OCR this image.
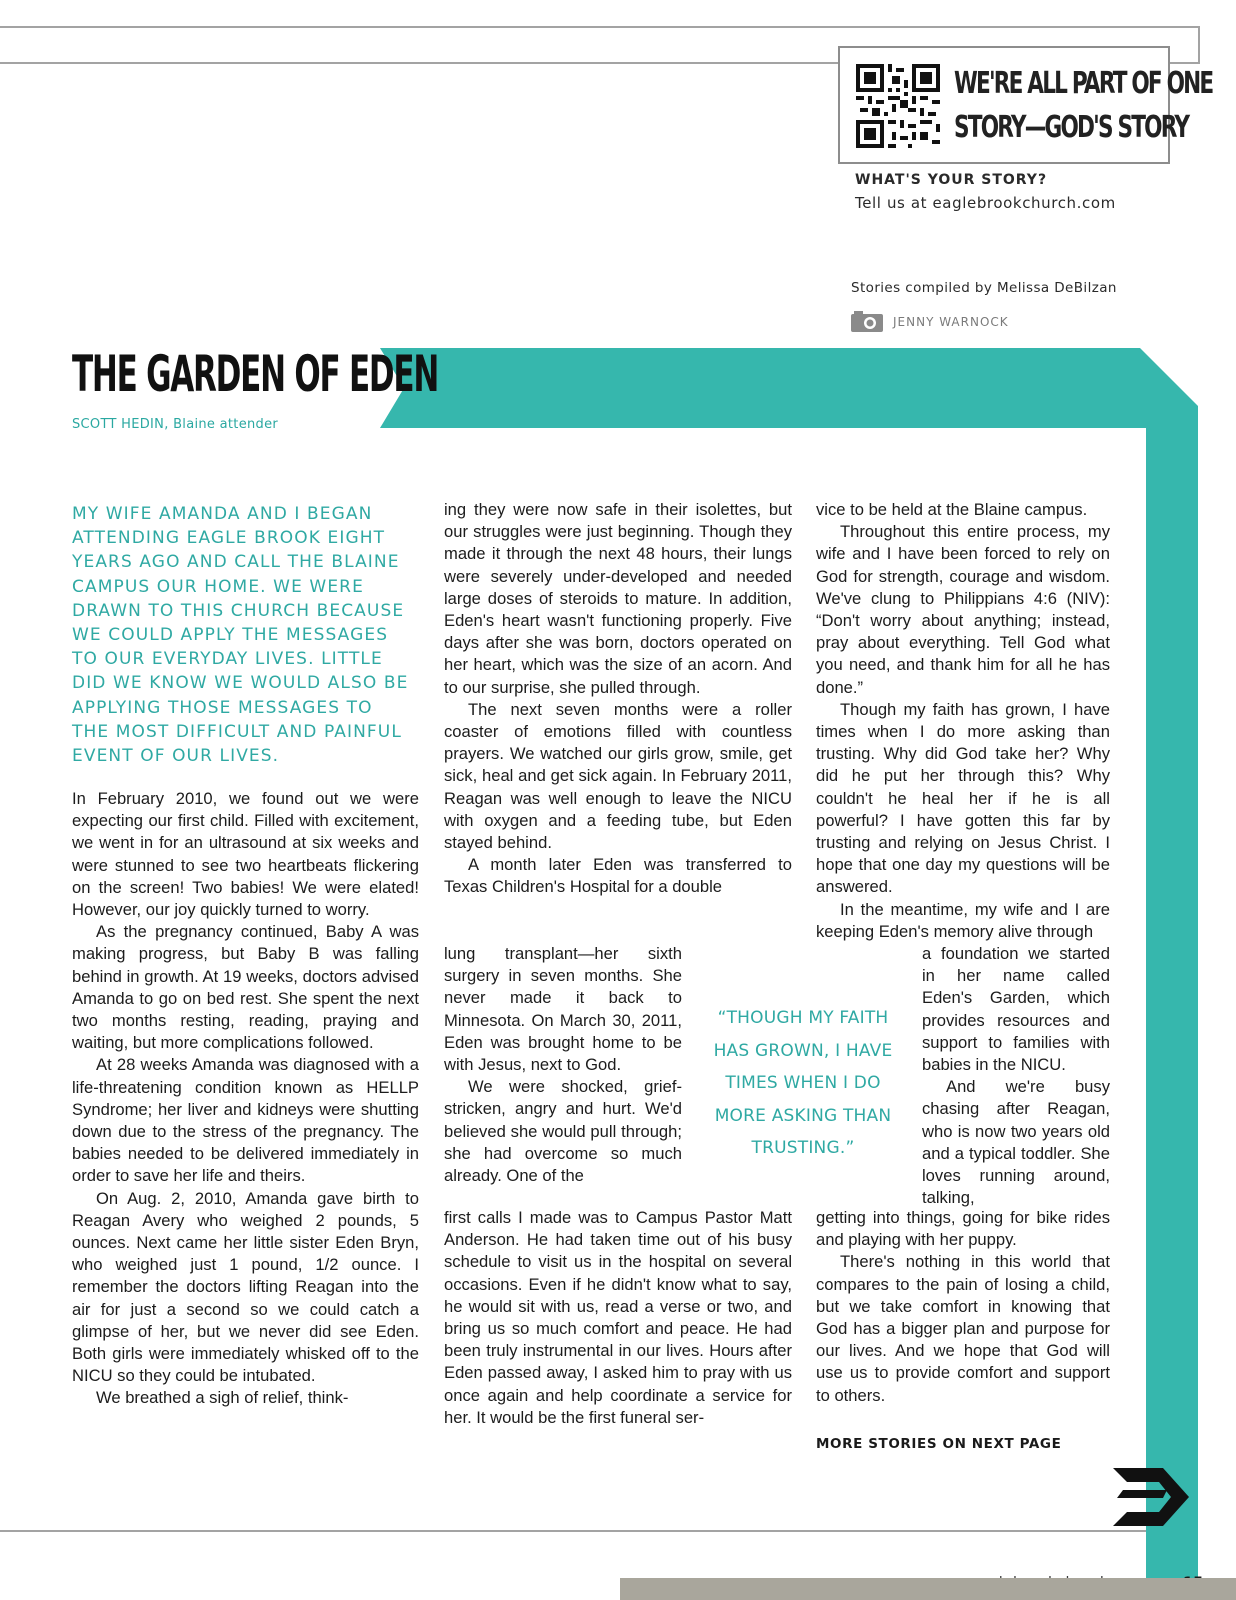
WE'RE ALL PART OF ONE
STORY—GOD'S STORY
WHAT'S YOUR STORY?
Tell us at eaglebrookchurch.com
Stories compiled by Melissa DeBilzan
JENNY WARNOCK
THE GARDEN OF EDEN
SCOTT HEDIN, Blaine attender
MY WIFE AMANDA AND I BEGAN ATTENDING EAGLE BROOK EIGHT YEARS AGO AND CALL THE BLAINE CAMPUS OUR HOME. WE WERE DRAWN TO THIS CHURCH BECAUSE WE COULD APPLY THE MESSAGES TO OUR EVERYDAY LIVES. LITTLE DID WE KNOW WE WOULD ALSO BE APPLYING THOSE MESSAGES TO THE MOST DIFFICULT AND PAINFUL EVENT OF OUR LIVES.

In February 2010, we found out we were expecting our first child. Filled with excitement, we went in for an ultrasound at six weeks and were stunned to see two heartbeats flickering on the screen! Two babies! We were elated! However, our joy quickly turned to worry.

As the pregnancy continued, Baby A was making progress, but Baby B was falling behind in growth. At 19 weeks, doctors advised Amanda to go on bed rest. She spent the next two months resting, reading, praying and waiting, but more complications followed.

At 28 weeks Amanda was diagnosed with a life-threatening condition known as HELLP Syndrome; her liver and kidneys were shutting down due to the stress of the pregnancy. The babies needed to be delivered immediately in order to save her life and theirs.

On Aug. 2, 2010, Amanda gave birth to Reagan Avery who weighed 2 pounds, 5 ounces. Next came her little sister Eden Bryn, who weighed just 1 pound, 1/2 ounce. I remember the doctors lifting Reagan into the air for just a second so we could catch a glimpse of her, but we never did see Eden. Both girls were immediately whisked off to the NICU so they could be intubated.

We breathed a sigh of relief, think-

ing they were now safe in their isolettes, but our struggles were just beginning. Though they made it through the next 48 hours, their lungs were severely under-developed and needed large doses of steroids to mature. In addition, Eden's heart wasn't functioning properly. Five days after she was born, doctors operated on her heart, which was the size of an acorn. And to our surprise, she pulled through.

The next seven months were a roller coaster of emotions filled with countless prayers. We watched our girls grow, smile, get sick, heal and get sick again. In February 2011, Reagan was well enough to leave the NICU with oxygen and a feeding tube, but Eden stayed behind.

A month later Eden was transferred to Texas Children's Hospital for a double

lung transplant—her sixth surgery in seven months. She never made it back to Minnesota. On March 30, 2011, Eden was brought home to be with Jesus, next to God.

We were shocked, grief-stricken, angry and hurt. We'd believed she would pull through; she had overcome so much already. One of the

first calls I made was to Campus Pastor Matt Anderson. He had taken time out of his busy schedule to visit us in the hospital on several occasions. Even if he didn't know what to say, he would sit with us, read a verse or two, and bring us so much comfort and peace. He had been truly instrumental in our lives. Hours after Eden passed away, I asked him to pray with us once again and help coordinate a service for her. It would be the first funeral ser-

vice to be held at the Blaine campus.

Throughout this entire process, my wife and I have been forced to rely on God for strength, courage and wisdom. We've clung to Philippians 4:6 (NIV): “Don't worry about anything; instead, pray about everything. Tell God what you need, and thank him for all he has done.”

Though my faith has grown, I have times when I do more asking than trusting. Why did God take her? Why did he put her through this? Why couldn't he heal her if he is all powerful? I have gotten this far by trusting and relying on Jesus Christ. I hope that one day my questions will be answered.

In the meantime, my wife and I are keeping Eden's memory alive through

a foundation we started in her name called Eden's Garden, which provides resources and support to families with babies in the NICU.

And we're busy chasing after Reagan, who is now two years old and a typical toddler. She loves running around, talking,

getting into things, going for bike rides and playing with her puppy.

There's nothing in this world that compares to the pain of losing a child, but we take comfort in knowing that God has a bigger plan and purpose for our lives. And we hope that God will use us to provide comfort and support to others.

“THOUGH MY FAITH HAS GROWN, I HAVE TIMES WHEN I DO MORE ASKING THAN TRUSTING.”
MORE STORIES ON NEXT PAGE
